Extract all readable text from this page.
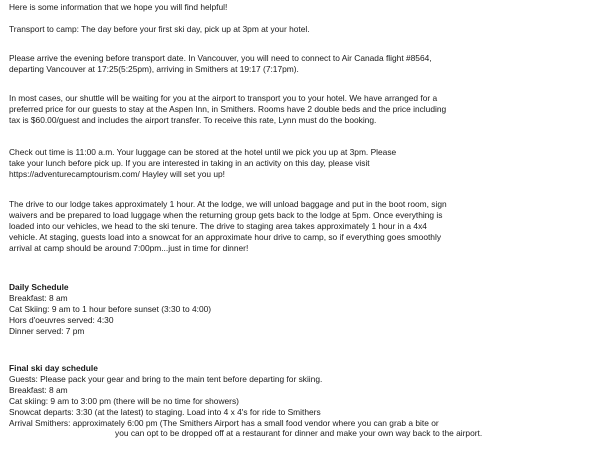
Here is some information that we hope you will find helpful!

Transport to camp: The day before your first ski day, pick up at 3pm at your hotel.

Please arrive the evening before transport date. In Vancouver, you will need to connect to Air Canada flight #8564,
departing Vancouver at 17:25(5:25pm), arriving in Smithers at 19:17 (7:17pm).

In most cases, our shuttle will be waiting for you at the airport to transport you to your hotel. We have arranged for a
preferred price for our guests to stay at the Aspen Inn, in Smithers. Rooms have 2 double beds and the price including
tax is $60.00/guest and includes the airport transfer. To receive this rate, Lynn must do the booking.

Check out time is 11:00 a.m. Your luggage can be stored at the hotel until we pick you up at 3pm. Please
take your lunch before pick up. If you are interested in taking in an activity on this day, please visit
https://adventurecamptourism.com/ Hayley will set you up!

The drive to our lodge takes approximately 1 hour. At the lodge, we will unload baggage and put in the boot room, sign
waivers and be prepared to load luggage when the returning group gets back to the lodge at 5pm. Once everything is
loaded into our vehicles, we head to the ski tenure. The drive to staging area takes approximately 1 hour in a 4x4
vehicle. At staging, guests load into a snowcat for an approximate hour drive to camp, so if everything goes smoothly
arrival at camp should be around 7:00pm...just in time for dinner!

Daily Schedule
Breakfast: 8 am
Cat Skiing: 9 am to 1 hour before sunset (3:30 to 4:00)
Hors d'oeuvres served: 4:30
Dinner served: 7 pm
Final ski day schedule
Guests: Please pack your gear and bring to the main tent before departing for skiing.
Breakfast: 8 am
Cat skiing: 9 am to 3:00 pm (there will be no time for showers)
Snowcat departs: 3:30 (at the latest) to staging. Load into 4 x 4's for ride to Smithers
Arrival Smithers: approximately 6:00 pm (The Smithers Airport has a small food vendor where you can grab a bite or
you can opt to be dropped off at a restaurant for dinner and make your own way back to the airport.
